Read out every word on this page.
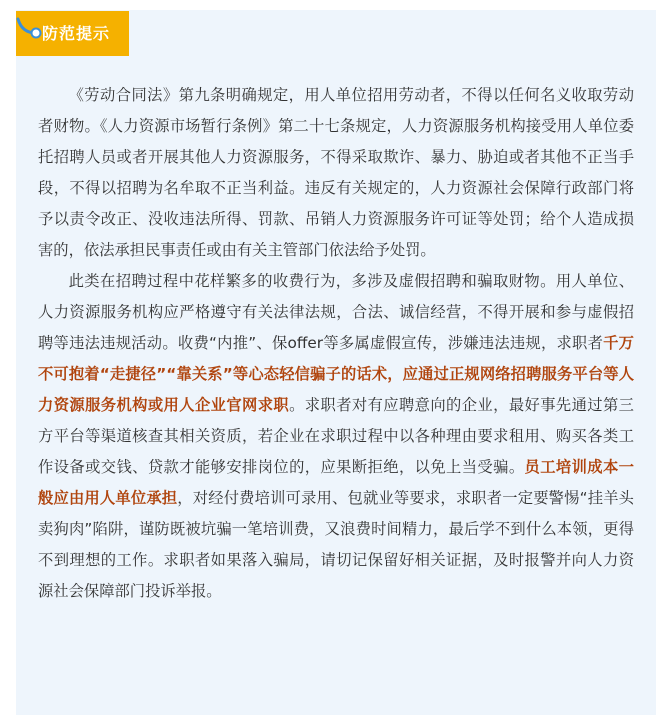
防范提示

《劳动合同法》第九条明确规定，用人单位招用劳动者，不得以任何名义收取劳动者财物。《人力资源市场暂行条例》第二十七条规定，人力资源服务机构接受用人单位委托招聘人员或者开展其他人力资源服务，不得采取欺诈、暴力、胁迫或者其他不正当手段，不得以招聘为名牟取不正当利益。违反有关规定的，人力资源社会保障行政部门将予以责令改正、没收违法所得、罚款、吊销人力资源服务许可证等处罚；给个人造成损害的，依法承担民事责任或由有关主管部门依法给予处罚。

此类在招聘过程中花样繁多的收费行为，多涉及虚假招聘和骗取财物。用人单位、人力资源服务机构应严格遵守有关法律法规，合法、诚信经营，不得开展和参与虚假招聘等违法违规活动。收费“内推”、保offer等多属虚假宣传，涉嫌违法违规，求职者千万不可抱着“走捷径”“靠关系”等心态轻信骗子的话术，应通过正规网络招聘服务平台等人力资源服务机构或用人企业官网求职。求职者对有应聘意向的企业，最好事先通过第三方平台等渠道核查其相关资质，若企业在求职过程中以各种理由要求租用、购买各类工作设备或交钱、贷款才能够安排岗位的，应果断拒绝，以免上当受骗。员工培训成本一般应由用人单位承担，对经付费培训可录用、包就业等要求，求职者一定要警惕“挂羊头卖狗肉”陷阱，谨防既被坑骗一笔培训费，又浪费时间精力，最后学不到什么本领，更得不到理想的工作。求职者如果落入骗局，请切记保留好相关证据，及时报警并向人力资源社会保障部门投诉举报。
